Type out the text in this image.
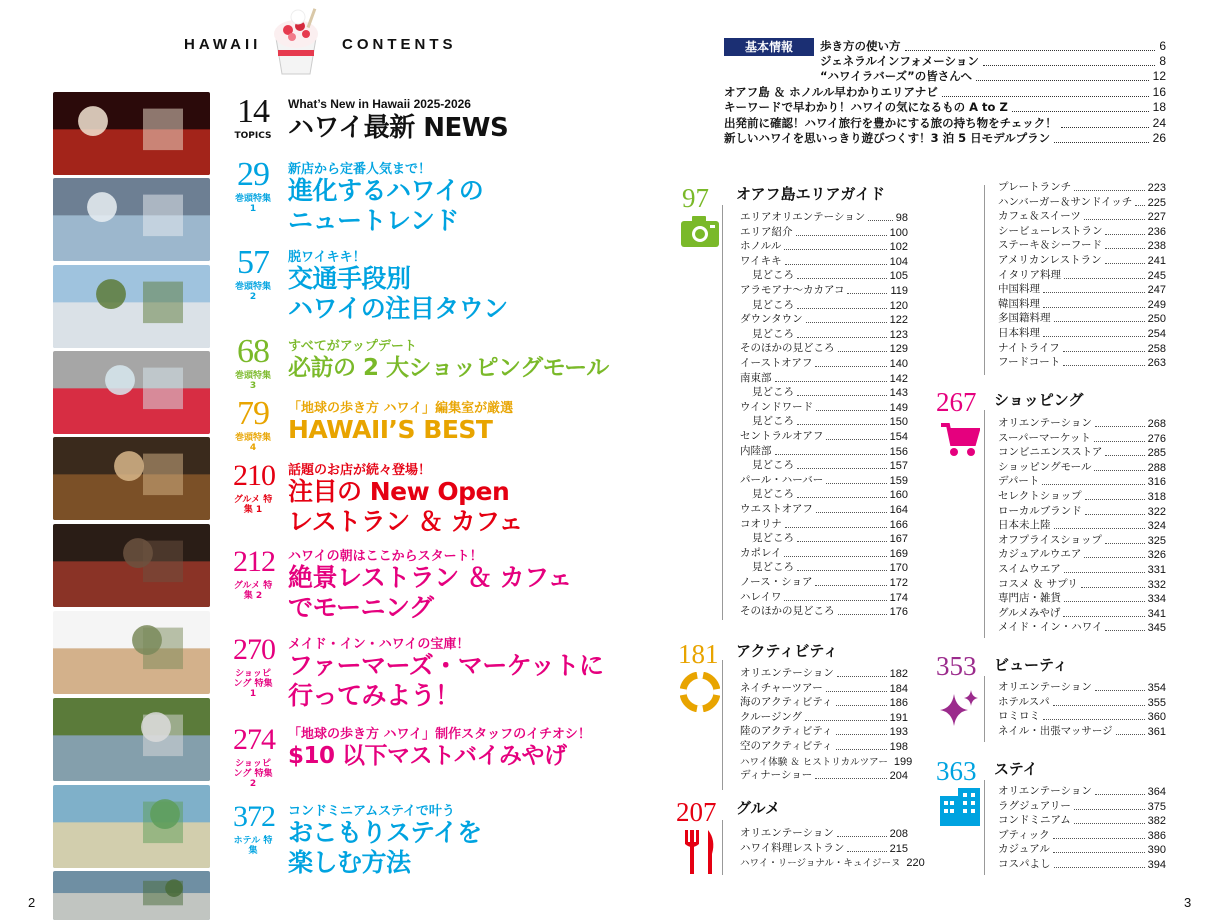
HAWAII	CONTENTS
14
TOPICS
What’s New in Hawaii 2025-2026
ハワイ最新 NEWS
29
巻頭特集 1
新店から定番人気まで！
進化するハワイの
ニュートレンド
57
巻頭特集 2
脱ワイキキ！
交通手段別
ハワイの注目タウン
68
巻頭特集 3
すべてがアップデート
必訪の 2 大ショッピングモール
79
巻頭特集 4
「地球の歩き方 ハワイ」編集室が厳選
HAWAII’S BEST
210
グルメ 特集 1
話題のお店が続々登場！
注目の New Open
レストラン ＆ カフェ
212
グルメ 特集 2
ハワイの朝はここからスタート！
絶景レストラン ＆ カフェ
でモーニング
270
ショッピング 特集 1
メイド・イン・ハワイの宝庫！
ファーマーズ・マーケットに
行ってみよう！
274
ショッピング 特集 2
「地球の歩き方 ハワイ」制作スタッフのイチオシ！
$10 以下マストバイみやげ
372
ホテル 特集
コンドミニアムステイで叶う
おこもりステイを
楽しむ方法
基本情報	歩き方の使い方	6
ジェネラルインフォメーション	8
“ハワイラバーズ”の皆さんへ	12
オアフ島 ＆ ホノルル早わかりエリアナビ	16
キーワードで早わかり！ハワイの気になるもの A to Z	18
出発前に確認！ハワイ旅行を豊かにする旅の持ち物をチェック！	24
新しいハワイを思いっきり遊びつくす！3 泊 5 日モデルプラン	26
97 オアフ島エリアガイド
エリアオリエンテーション	98
エリア紹介	100
ホノルル	102
ワイキキ	104
見どころ	105
アラモアナ〜カカアコ	119
見どころ	120
ダウンタウン	122
見どころ	123
そのほかの見どころ	129
イーストオアフ	140
南東部	142
見どころ	143
ウインドワード	149
見どころ	150
セントラルオアフ	154
内陸部	156
見どころ	157
パール・ハーバー	159
見どころ	160
ウエストオアフ	164
コオリナ	166
見どころ	167
カポレイ	169
見どころ	170
ノース・ショア	172
ハレイワ	174
そのほかの見どころ	176
181 アクティビティ
オリエンテーション	182
ネイチャーツアー	184
海のアクティビティ	186
クルージング	191
陸のアクティビティ	193
空のアクティビティ	198
ハワイ体験 ＆ ヒストリカルツアー 199
ディナーショー	204
207 グルメ
オリエンテーション	208
ハワイ料理レストラン	215
ハワイ・リージョナル・キュイジーヌ 220
プレートランチ	223
ハンバーガー＆サンドイッチ 225
カフェ＆スイーツ	227
シービューレストラン	236
ステーキ＆シーフード	238
アメリカンレストラン	241
イタリア料理	245
中国料理	247
韓国料理	249
多国籍料理	250
日本料理	254
ナイトライフ	258
フードコート	263
267 ショッピング
オリエンテーション	268
スーパーマーケット	276
コンビニエンスストア	285
ショッピングモール	288
デパート	316
セレクトショップ	318
ローカルブランド	322
日本未上陸	324
オフプライスショップ	325
カジュアルウエア	326
スイムウエア	331
コスメ ＆ サプリ	332
専門店・雑貨	334
グルメみやげ	341
メイド・イン・ハワイ	345
353 ビューティ
オリエンテーション	354
ホテルスパ	355
ロミロミ	360
ネイル・出張マッサージ	361
363 ステイ
オリエンテーション	364
ラグジュアリー	375
コンドミニアム	382
ブティック	386
カジュアル	390
コスパよし	394
2	3
